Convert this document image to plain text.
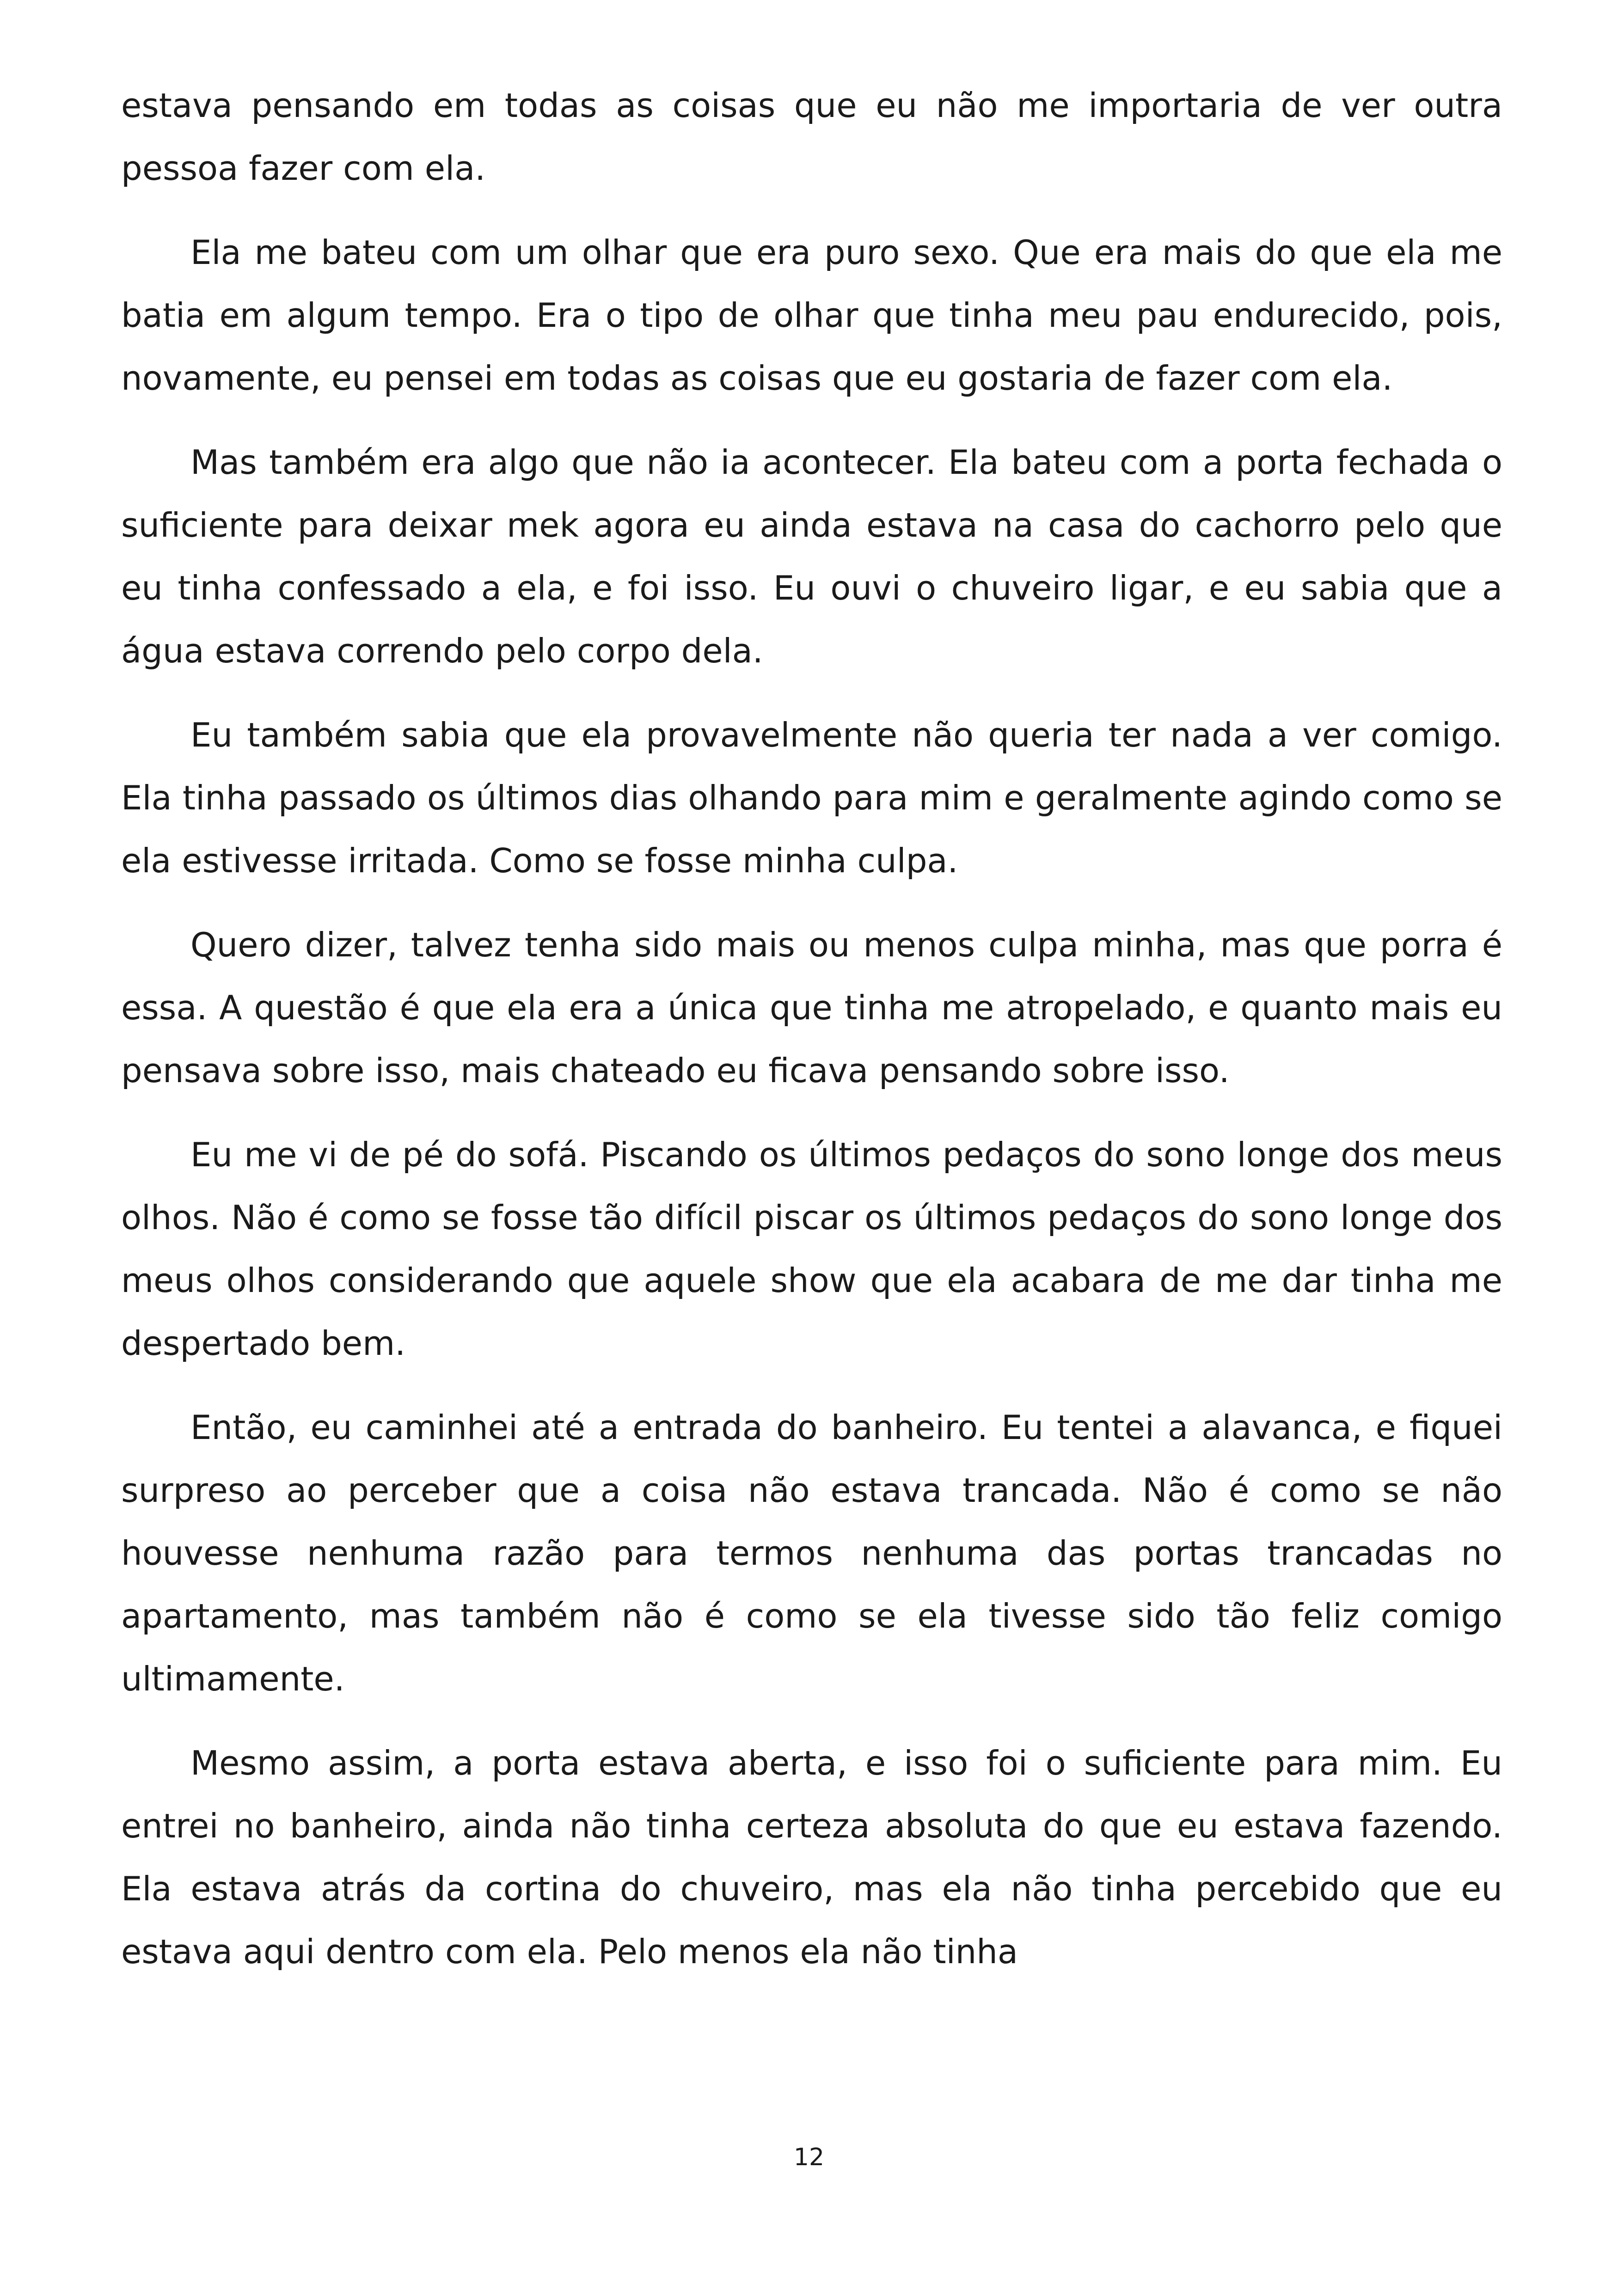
estava pensando em todas as coisas que eu não me importaria de ver outra pessoa fazer com ela.

Ela me bateu com um olhar que era puro sexo. Que era mais do que ela me batia em algum tempo. Era o tipo de olhar que tinha meu pau endurecido, pois, novamente, eu pensei em todas as coisas que eu gostaria de fazer com ela.

Mas também era algo que não ia acontecer. Ela bateu com a porta fechada o suficiente para deixar mek agora eu ainda estava na casa do cachorro pelo que eu tinha confessado a ela, e foi isso. Eu ouvi o chuveiro ligar, e eu sabia que a água estava correndo pelo corpo dela.

Eu também sabia que ela provavelmente não queria ter nada a ver comigo. Ela tinha passado os últimos dias olhando para mim e geralmente agindo como se ela estivesse irritada. Como se fosse minha culpa.

Quero dizer, talvez tenha sido mais ou menos culpa minha, mas que porra é essa. A questão é que ela era a única que tinha me atropelado, e quanto mais eu pensava sobre isso, mais chateado eu ficava pensando sobre isso.

Eu me vi de pé do sofá. Piscando os últimos pedaços do sono longe dos meus olhos. Não é como se fosse tão difícil piscar os últimos pedaços do sono longe dos meus olhos considerando que aquele show que ela acabara de me dar tinha me despertado bem.

Então, eu caminhei até a entrada do banheiro. Eu tentei a alavanca, e fiquei surpreso ao perceber que a coisa não estava trancada. Não é como se não houvesse nenhuma razão para termos nenhuma das portas trancadas no apartamento, mas também não é como se ela tivesse sido tão feliz comigo ultimamente.

Mesmo assim, a porta estava aberta, e isso foi o suficiente para mim. Eu entrei no banheiro, ainda não tinha certeza absoluta do que eu estava fazendo. Ela estava atrás da cortina do chuveiro, mas ela não tinha percebido que eu estava aqui dentro com ela. Pelo menos ela não tinha

12
